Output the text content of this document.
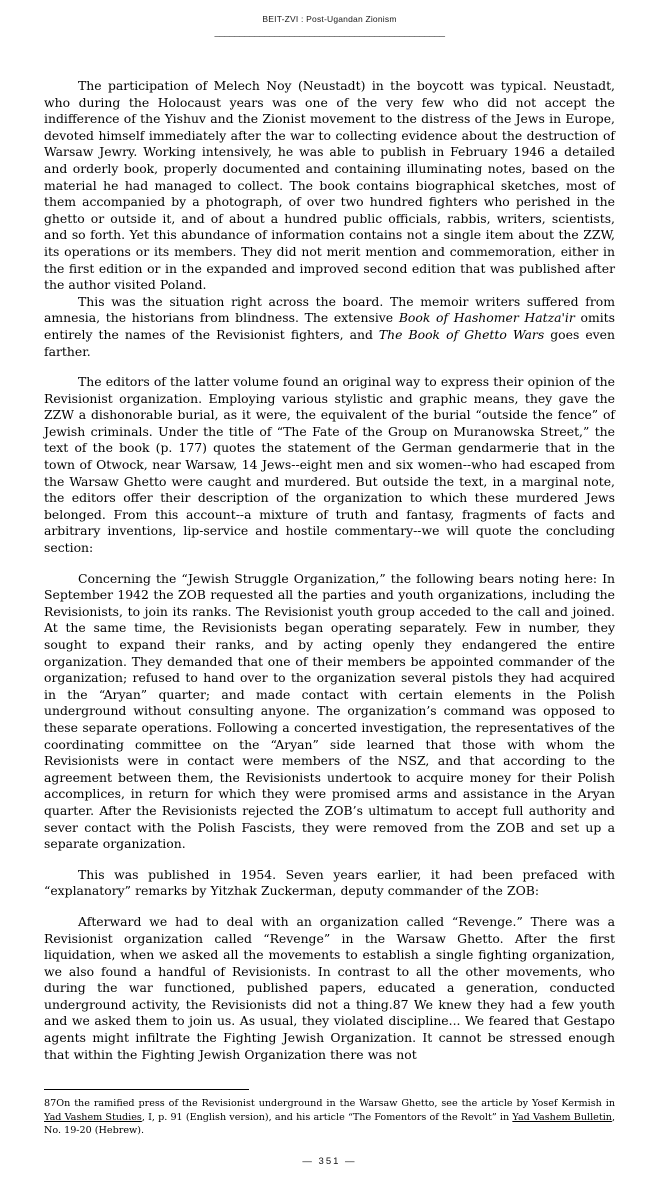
BEIT-ZVI : Post-Ugandan Zionism
______________________________________________

The participation of Melech Noy (Neustadt) in the boycott was typical. Neustadt, who during the Holocaust years was one of the very few who did not accept the indifference of the Yishuv and the Zionist movement to the distress of the Jews in Europe, devoted himself immediately after the war to collecting evidence about the destruction of Warsaw Jewry. Working intensively, he was able to publish in February 1946 a detailed and orderly book, properly documented and containing illuminating notes, based on the material he had managed to collect. The book contains biographical sketches, most of them accompanied by a photograph, of over two hundred fighters who perished in the ghetto or outside it, and of about a hundred public officials, rabbis, writers, scientists, and so forth. Yet this abundance of information contains not a single item about the ZZW, its operations or its members. They did not merit mention and commemoration, either in the first edition or in the expanded and improved second edition that was published after the author visited Poland.

This was the situation right across the board. The memoir writers suffered from amnesia, the historians from blindness. The extensive Book of Hashomer Hatza'ir omits entirely the names of the Revisionist fighters, and The Book of Ghetto Wars goes even farther.

The editors of the latter volume found an original way to express their opinion of the Revisionist organization. Employing various stylistic and graphic means, they gave the ZZW a dishonorable burial, as it were, the equivalent of the burial “outside the fence” of Jewish criminals. Under the title of “The Fate of the Group on Muranowska Street,” the text of the book (p. 177) quotes the statement of the German gendarmerie that in the town of Otwock, near Warsaw, 14 Jews--eight men and six women--who had escaped from the Warsaw Ghetto were caught and murdered. But outside the text, in a marginal note, the editors offer their description of the organization to which these murdered Jews belonged. From this account--a mixture of truth and fantasy, fragments of facts and arbitrary inventions, lip-service and hostile commentary--we will quote the concluding section:

Concerning the “Jewish Struggle Organization,” the following bears noting here: In September 1942 the ZOB requested all the parties and youth organizations, including the Revisionists, to join its ranks. The Revisionist youth group acceded to the call and joined. At the same time, the Revisionists began operating separately. Few in number, they sought to expand their ranks, and by acting openly they endangered the entire organization. They demanded that one of their members be appointed commander of the organization; refused to hand over to the organization several pistols they had acquired in the “Aryan” quarter; and made contact with certain elements in the Polish underground without consulting anyone. The organization’s command was opposed to these separate operations. Following a concerted investigation, the representatives of the coordinating committee on the “Aryan” side learned that those with whom the Revisionists were in contact were members of the NSZ, and that according to the agreement between them, the Revisionists undertook to acquire money for their Polish accomplices, in return for which they were promised arms and assistance in the Aryan quarter. After the Revisionists rejected the ZOB’s ultimatum to accept full authority and sever contact with the Polish Fascists, they were removed from the ZOB and set up a separate organization.

This was published in 1954. Seven years earlier, it had been prefaced with “explanatory” remarks by Yitzhak Zuckerman, deputy commander of the ZOB:

Afterward we had to deal with an organization called “Revenge.” There was a Revisionist organization called “Revenge” in the Warsaw Ghetto. After the first liquidation, when we asked all the movements to establish a single fighting organization, we also found a handful of Revisionists. In contrast to all the other movements, who during the war functioned, published papers, educated a generation, conducted underground activity, the Revisionists did not a thing.87 We knew they had a few youth and we asked them to join us. As usual, they violated discipline... We feared that Gestapo agents might infiltrate the Fighting Jewish Organization. It cannot be stressed enough that within the Fighting Jewish Organization there was not

87On the ramified press of the Revisionist underground in the Warsaw Ghetto, see the article by Yosef Kermish in Yad Vashem Studies, I, p. 91 (English version), and his article “The Fomentors of the Revolt” in Yad Vashem Bulletin, No. 19-20 (Hebrew).

— 351 —
